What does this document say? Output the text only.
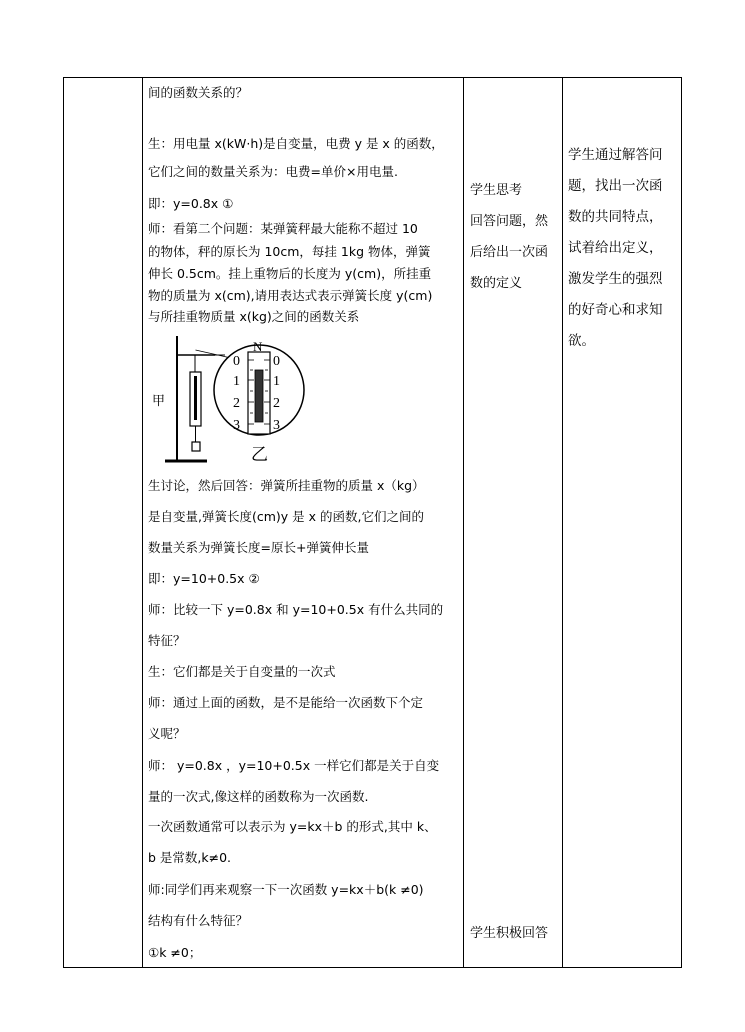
间的函数关系的？
生：用电量 x(kW·h)是自变量，电费 y 是 x 的函数，
它们之间的数量关系为：电费=单价×用电量.
即：y=0.8x ①
师：看第二个问题：某弹簧秤最大能称不超过 10
的物体，秤的原长为 10cm，每挂 1kg 物体，弹簧
伸长 0.5cm。挂上重物后的长度为 y(cm)，所挂重
物的质量为 x(cm),请用表达式表示弹簧长度 y(cm)
与所挂重物质量 x(kg)之间的函数关系
N
0 0
1 1
2 2
3 3
甲
乙
生讨论，然后回答：弹簧所挂重物的质量 x（kg）
是自变量,弹簧长度(cm)y 是 x 的函数,它们之间的
数量关系为弹簧长度=原长+弹簧伸长量
即：y=10+0.5x ②
师：比较一下 y=0.8x 和 y=10+0.5x 有什么共同的
特征？
生：它们都是关于自变量的一次式
师：通过上面的函数，是不是能给一次函数下个定
义呢？
师： y=0.8x ，y=10+0.5x 一样它们都是关于自变
量的一次式,像这样的函数称为一次函数.
一次函数通常可以表示为 y=kx＋b 的形式,其中 k、
b 是常数,k≠0.
师:同学们再来观察一下一次函数 y=kx＋b(k ≠0)
结构有什么特征？
①k ≠0；
学生思考
回答问题，然
后给出一次函
数的定义
学生积极回答
学生通过解答问
题，找出一次函
数的共同特点，
试着给出定义，
激发学生的强烈
的好奇心和求知
欲。
